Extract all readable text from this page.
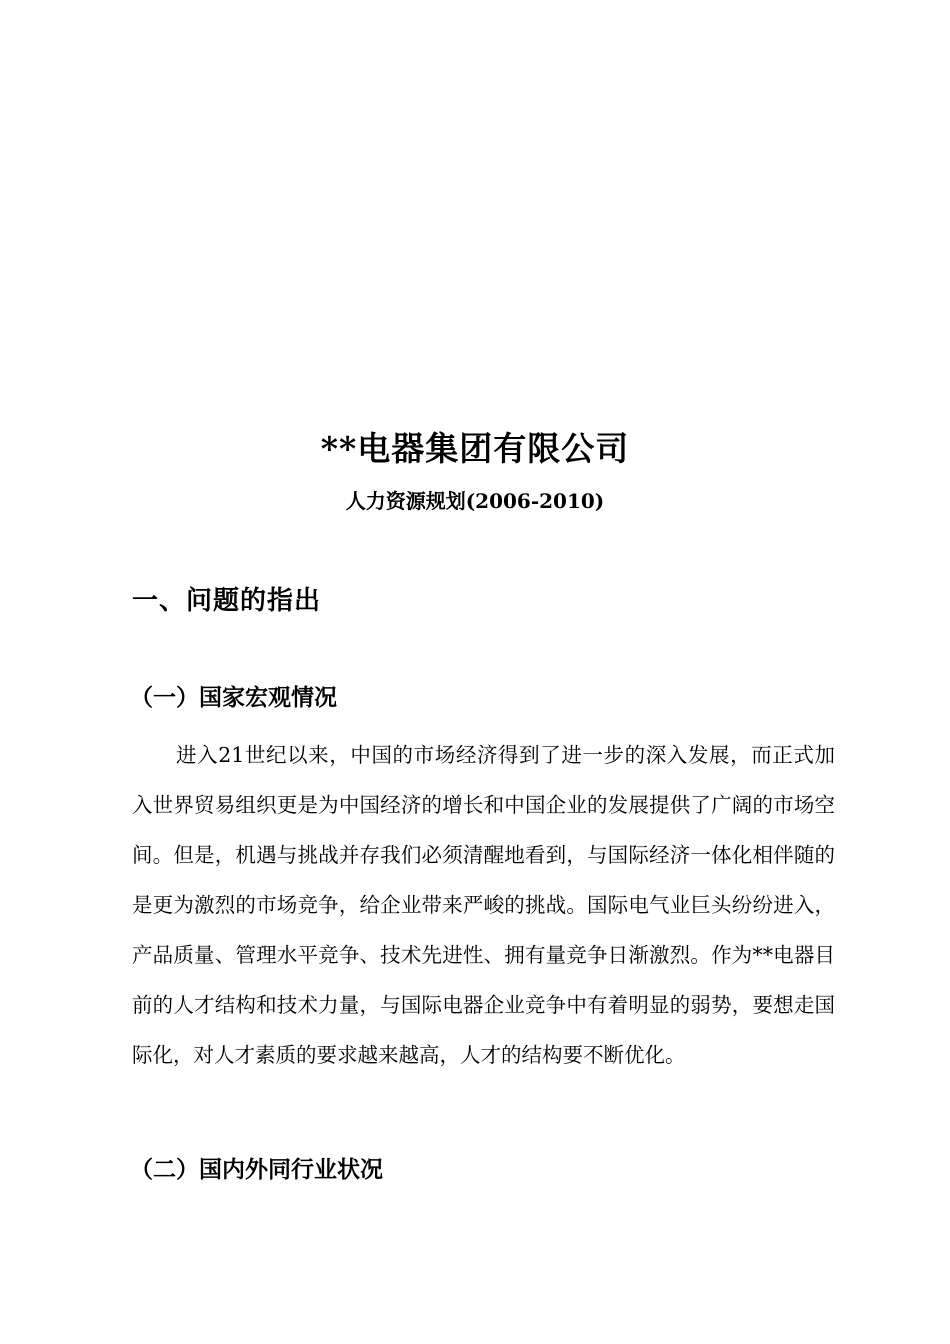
**电器集团有限公司
人力资源规划(2006-2010)
一、问题的指出
（一）国家宏观情况

进入21世纪以来，中国的市场经济得到了进一步的深入发展，而正式加入世界贸易组织更是为中国经济的增长和中国企业的发展提供了广阔的市场空间。但是，机遇与挑战并存我们必须清醒地看到，与国际经济一体化相伴随的是更为激烈的市场竞争，给企业带来严峻的挑战。国际电气业巨头纷纷进入，产品质量、管理水平竞争、技术先进性、拥有量竞争日渐激烈。作为**电器目前的人才结构和技术力量，与国际电器企业竞争中有着明显的弱势，要想走国际化，对人才素质的要求越来越高，人才的结构要不断优化。

（二）国内外同行业状况
